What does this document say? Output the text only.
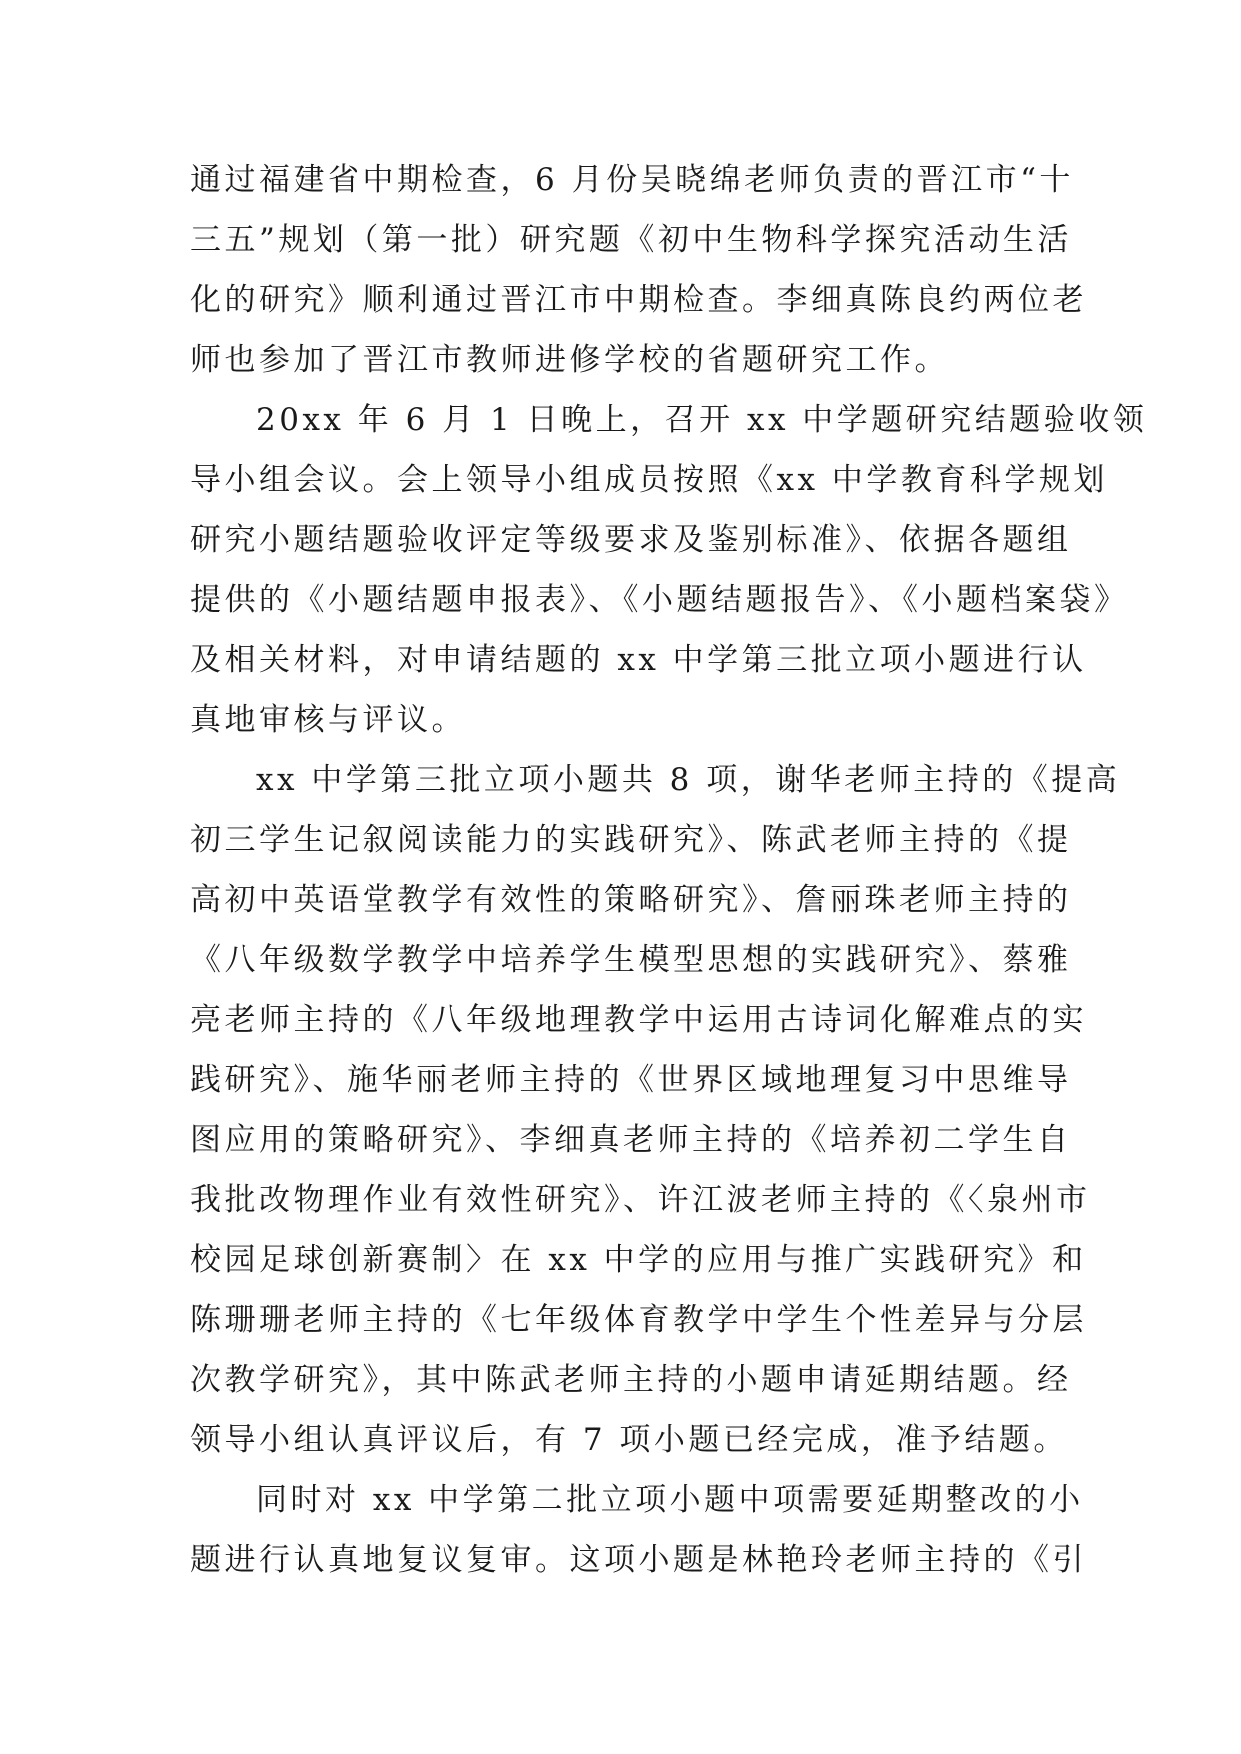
通过福建省中期检查，6 月份吴晓绵老师负责的晋江市“十
三五”规划（第一批）研究题《初中生物科学探究活动生活
化的研究》顺利通过晋江市中期检查。李细真陈良约两位老
师也参加了晋江市教师进修学校的省题研究工作。
20xx 年 6 月 1 日晚上，召开 xx 中学题研究结题验收领
导小组会议。会上领导小组成员按照《xx 中学教育科学规划
研究小题结题验收评定等级要求及鉴别标准》、依据各题组
提供的《小题结题申报表》、《小题结题报告》、《小题档案袋》
及相关材料，对申请结题的 xx 中学第三批立项小题进行认
真地审核与评议。
xx 中学第三批立项小题共 8 项，谢华老师主持的《提高
初三学生记叙阅读能力的实践研究》、陈武老师主持的《提
高初中英语堂教学有效性的策略研究》、詹丽珠老师主持的
《八年级数学教学中培养学生模型思想的实践研究》、蔡雅
亮老师主持的《八年级地理教学中运用古诗词化解难点的实
践研究》、施华丽老师主持的《世界区域地理复习中思维导
图应用的策略研究》、李细真老师主持的《培养初二学生自
我批改物理作业有效性研究》、许江波老师主持的《〈泉州市
校园足球创新赛制〉在 xx 中学的应用与推广实践研究》和
陈珊珊老师主持的《七年级体育教学中学生个性差异与分层
次教学研究》，其中陈武老师主持的小题申请延期结题。经
领导小组认真评议后，有 7 项小题已经完成，准予结题。
同时对 xx 中学第二批立项小题中项需要延期整改的小
题进行认真地复议复审。这项小题是林艳玲老师主持的《引
